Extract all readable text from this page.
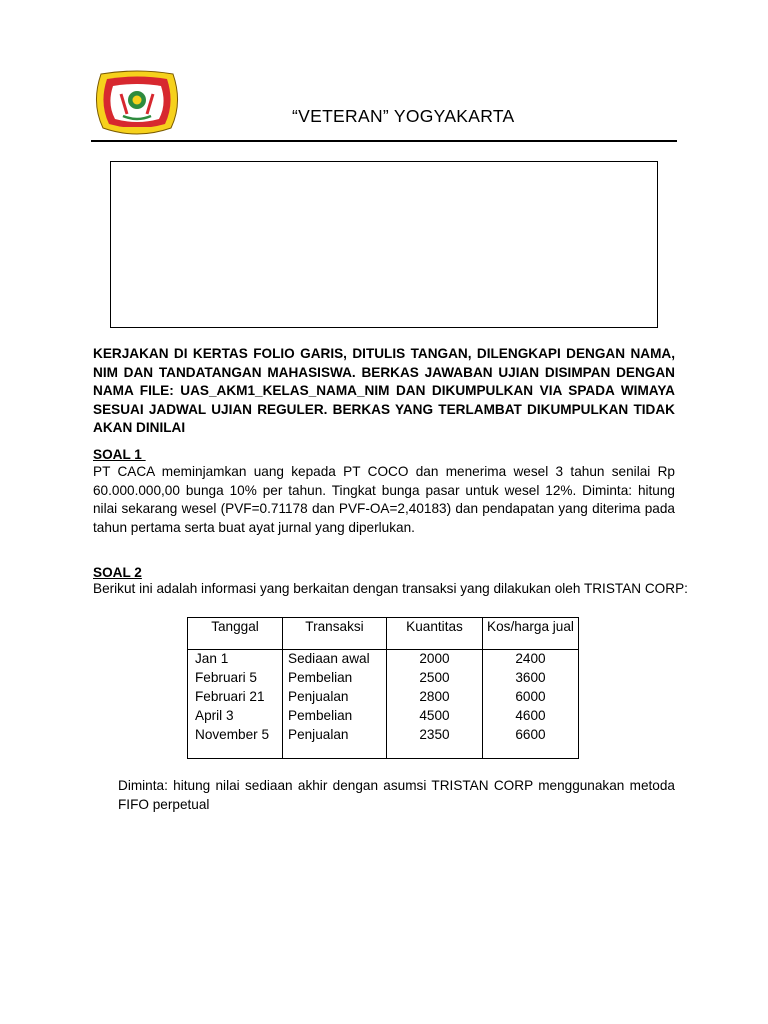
“VETERAN” YOGYAKARTA
KERJAKAN DI KERTAS FOLIO GARIS, DITULIS TANGAN, DILENGKAPI DENGAN NAMA, NIM DAN TANDATANGAN MAHASISWA. BERKAS JAWABAN UJIAN DISIMPAN DENGAN NAMA FILE: UAS_AKM1_KELAS_NAMA_NIM DAN DIKUMPULKAN VIA SPADA WIMAYA SESUAI JADWAL UJIAN REGULER. BERKAS YANG TERLAMBAT DIKUMPULKAN TIDAK AKAN DINILAI
SOAL 1
PT CACA meminjamkan uang kepada PT COCO dan menerima wesel 3 tahun senilai Rp 60.000.000,00 bunga 10% per tahun. Tingkat bunga pasar untuk wesel 12%. Diminta: hitung nilai sekarang wesel (PVF=0.71178 dan PVF-OA=2,40183) dan pendapatan yang diterima pada tahun pertama serta buat ayat jurnal yang diperlukan.
SOAL 2
Berikut ini adalah informasi yang berkaitan dengan transaksi yang dilakukan oleh TRISTAN CORP:
Tanggal	Transaksi	Kuantitas	Kos/harga jual
Jan 1	Sediaan awal	2000	2400
Februari 5 Pembelian	2500	3600
Februari 21 Penjualan	2800	6000
April 3	Pembelian	4500	4600
November 5 Penjualan	2350	6600
Diminta: hitung nilai sediaan akhir dengan asumsi TRISTAN CORP menggunakan metoda FIFO perpetual
